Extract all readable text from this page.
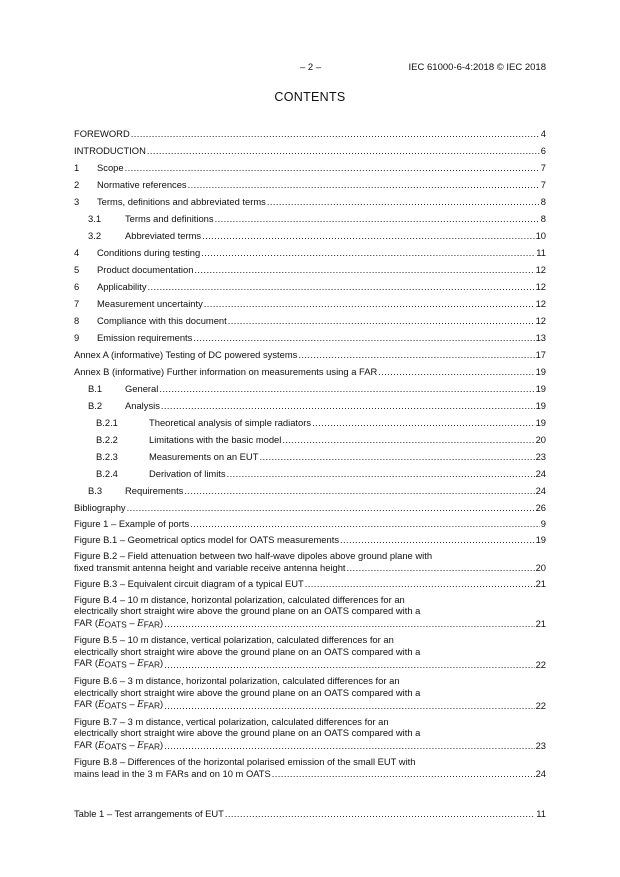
– 2 –	IEC 61000-6-4:2018 © IEC 2018
CONTENTS
FOREWORD .....	4
INTRODUCTION .....	6
1	Scope .....	7
2	Normative references .....	7
3	Terms, definitions and abbreviated terms .....	8
3.1	Terms and definitions .....	8
3.2	Abbreviated terms .....	10
4	Conditions during testing .....	11
5	Product documentation .....	12
6	Applicability .....	12
7	Measurement uncertainty .....	12
8	Compliance with this document .....	12
9	Emission requirements .....	13
Annex A (informative) Testing of DC powered systems .....	17
Annex B (informative) Further information on measurements using a FAR .....	19
B.1	General .....	19
B.2	Analysis .....	19
B.2.1	Theoretical analysis of simple radiators .....	19
B.2.2	Limitations with the basic model .....	20
B.2.3	Measurements on an EUT .....	23
B.2.4	Derivation of limits .....	24
B.3	Requirements .....	24
Bibliography .....	26
Figure 1 – Example of ports .....	9
Figure B.1 – Geometrical optics model for OATS measurements .....	19
Figure B.2 – Field attenuation between two half-wave dipoles above ground plane with
fixed transmit antenna height and variable receive antenna height .....	20
Figure B.3 – Equivalent circuit diagram of a typical EUT .....	21
Figure B.4 – 10 m distance, horizontal polarization, calculated differences for an
electrically short straight wire above the ground plane on an OATS compared with a
FAR (EOATS – EFAR) .....	21
Figure B.5 – 10 m distance, vertical polarization, calculated differences for an
electrically short straight wire above the ground plane on an OATS compared with a
FAR (EOATS – EFAR) .....	22
Figure B.6 – 3 m distance, horizontal polarization, calculated differences for an
electrically short straight wire above the ground plane on an OATS compared with a
FAR (EOATS – EFAR) .....	22
Figure B.7 – 3 m distance, vertical polarization, calculated differences for an
electrically short straight wire above the ground plane on an OATS compared with a
FAR (EOATS – EFAR) .....	23
Figure B.8 – Differences of the horizontal polarised emission of the small EUT with
mains lead in the 3 m FARs and on 10 m OATS .....	24
Table 1 – Test arrangements of EUT .....	11
